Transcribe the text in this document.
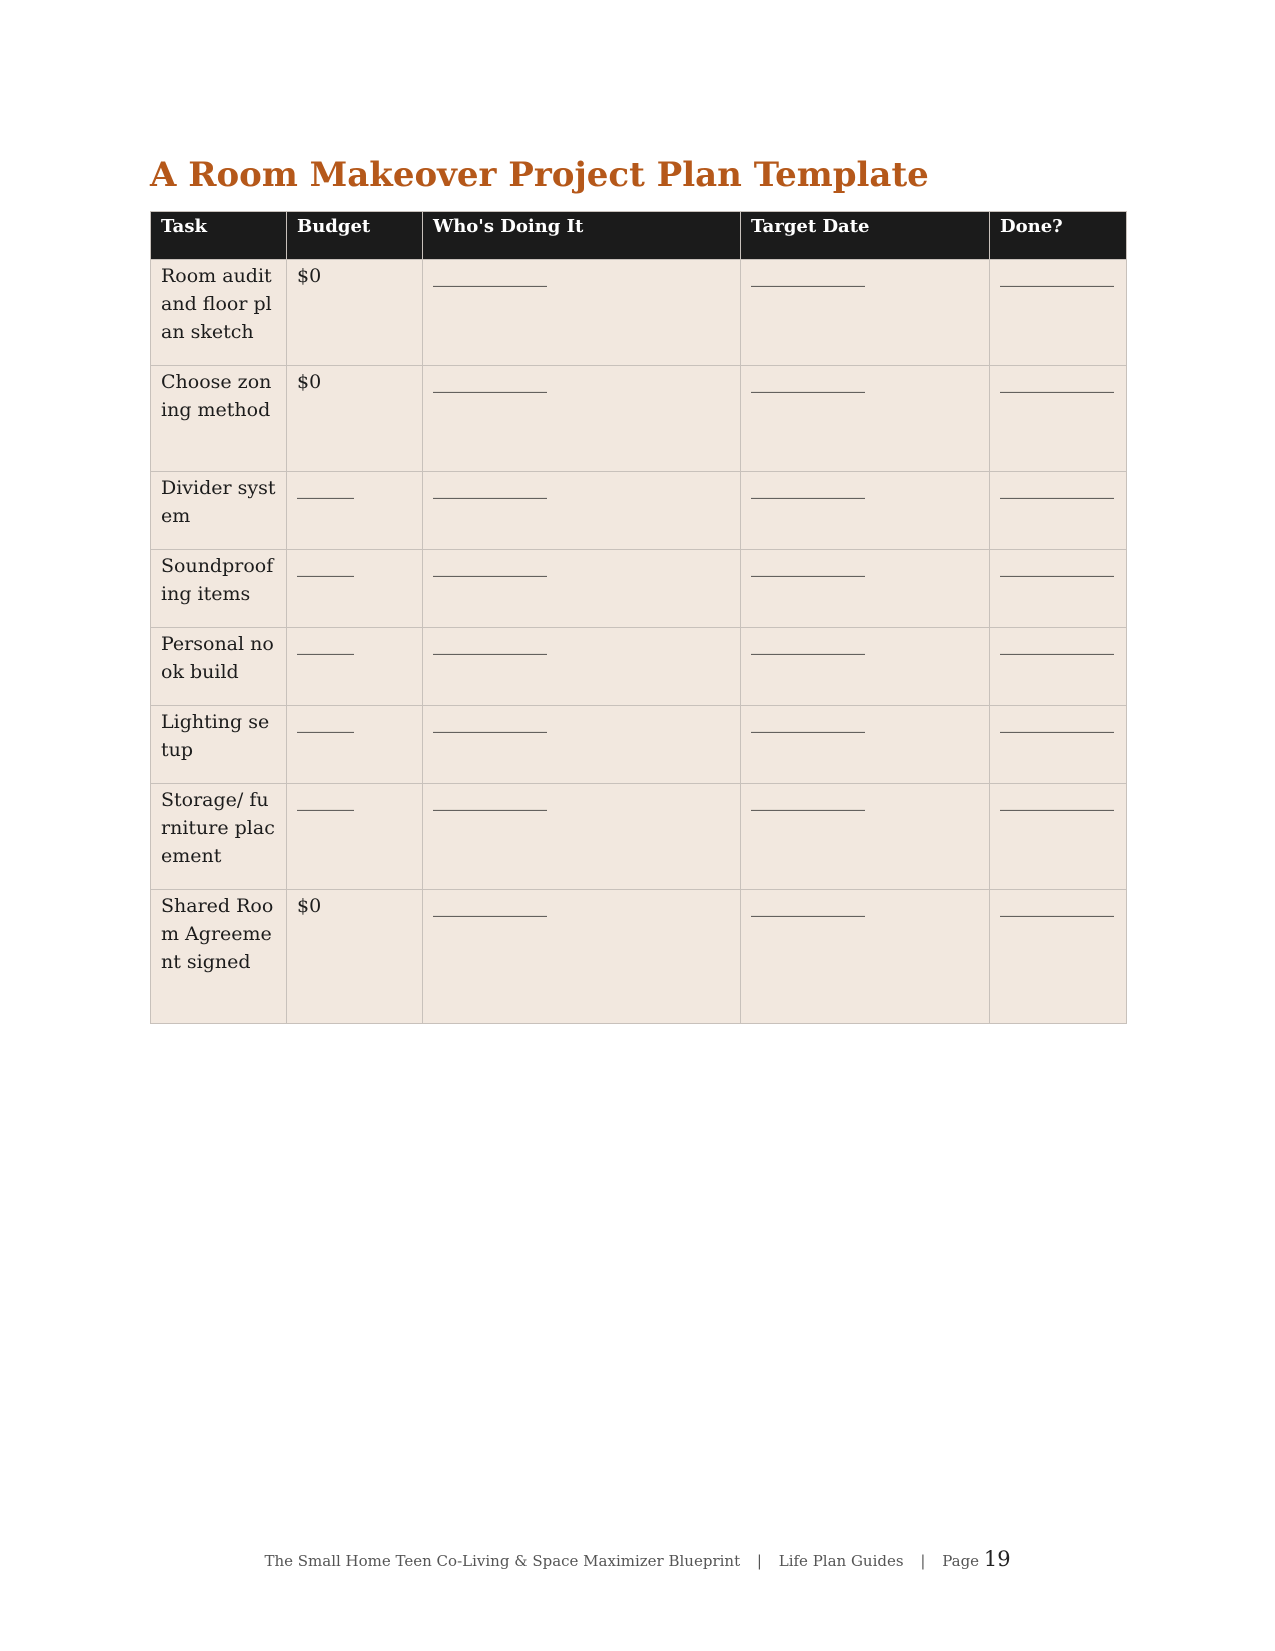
A Room Makeover Project Plan Template
Task	Budget	Who's Doing It	Target Date	Done?
Room audit and floor plan sketch	$0	____________	____________	____________
Choose zoning method	$0	____________	____________	____________
Divider system	______	____________	____________	____________
Soundproofing items	______	____________	____________	____________
Personal nook build	______	____________	____________	____________
Lighting setup	______	____________	____________	____________
Storage/ furniture placement	______	____________	____________	____________
Shared Room Agreement signed	$0	____________	____________	____________
The Small Home Teen Co-Living & Space Maximizer Blueprint | Life Plan Guides | Page 19
